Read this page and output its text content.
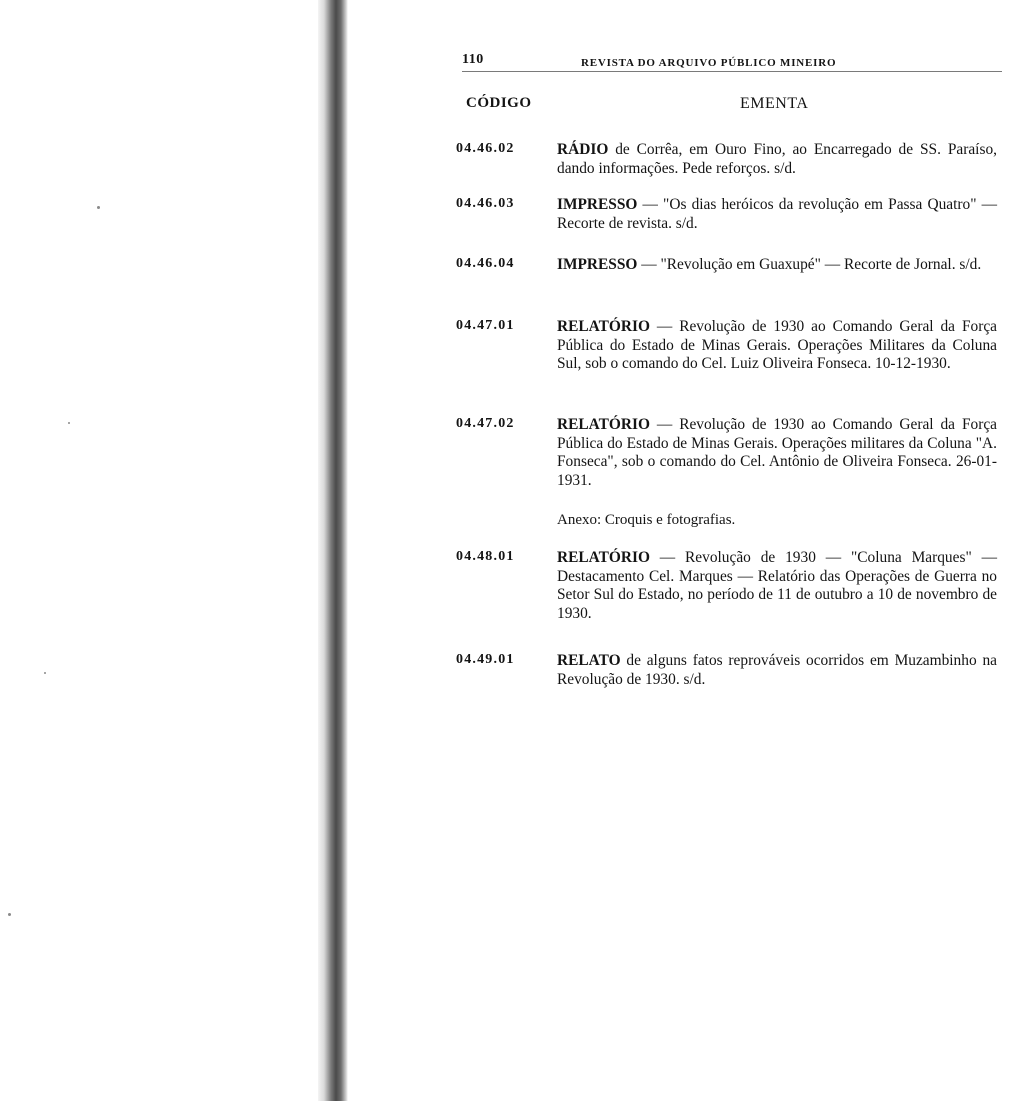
110	REVISTA DO ARQUIVO PÚBLICO MINEIRO
CÓDIGO	EMENTA
04.46.02	RÁDIO de Corrêa, em Ouro Fino, ao Encarregado de SS. Paraíso, dando informações. Pede reforços. s/d.
04.46.03	IMPRESSO — "Os dias heróicos da revolução em Passa Quatro" — Recorte de revista. s/d.
04.46.04	IMPRESSO — "Revolução em Guaxupé" — Recorte de Jornal. s/d.
04.47.01	RELATÓRIO — Revolução de 1930 ao Comando Geral da Força Pública do Estado de Minas Gerais. Operações Militares da Coluna Sul, sob o comando do Cel. Luiz Oliveira Fonseca. 10-12-1930.
04.47.02	RELATÓRIO — Revolução de 1930 ao Comando Geral da Força Pública do Estado de Minas Gerais. Operações militares da Coluna "A. Fonseca", sob o comando do Cel. Antônio de Oliveira Fonseca. 26-01-1931.
Anexo: Croquis e fotografias.
04.48.01	RELATÓRIO — Revolução de 1930 — "Coluna Marques" — Destacamento Cel. Marques — Relatório das Operações de Guerra no Setor Sul do Estado, no período de 11 de outubro a 10 de novembro de 1930.
04.49.01	RELATO de alguns fatos reprováveis ocorridos em Muzambinho na Revolução de 1930. s/d.
